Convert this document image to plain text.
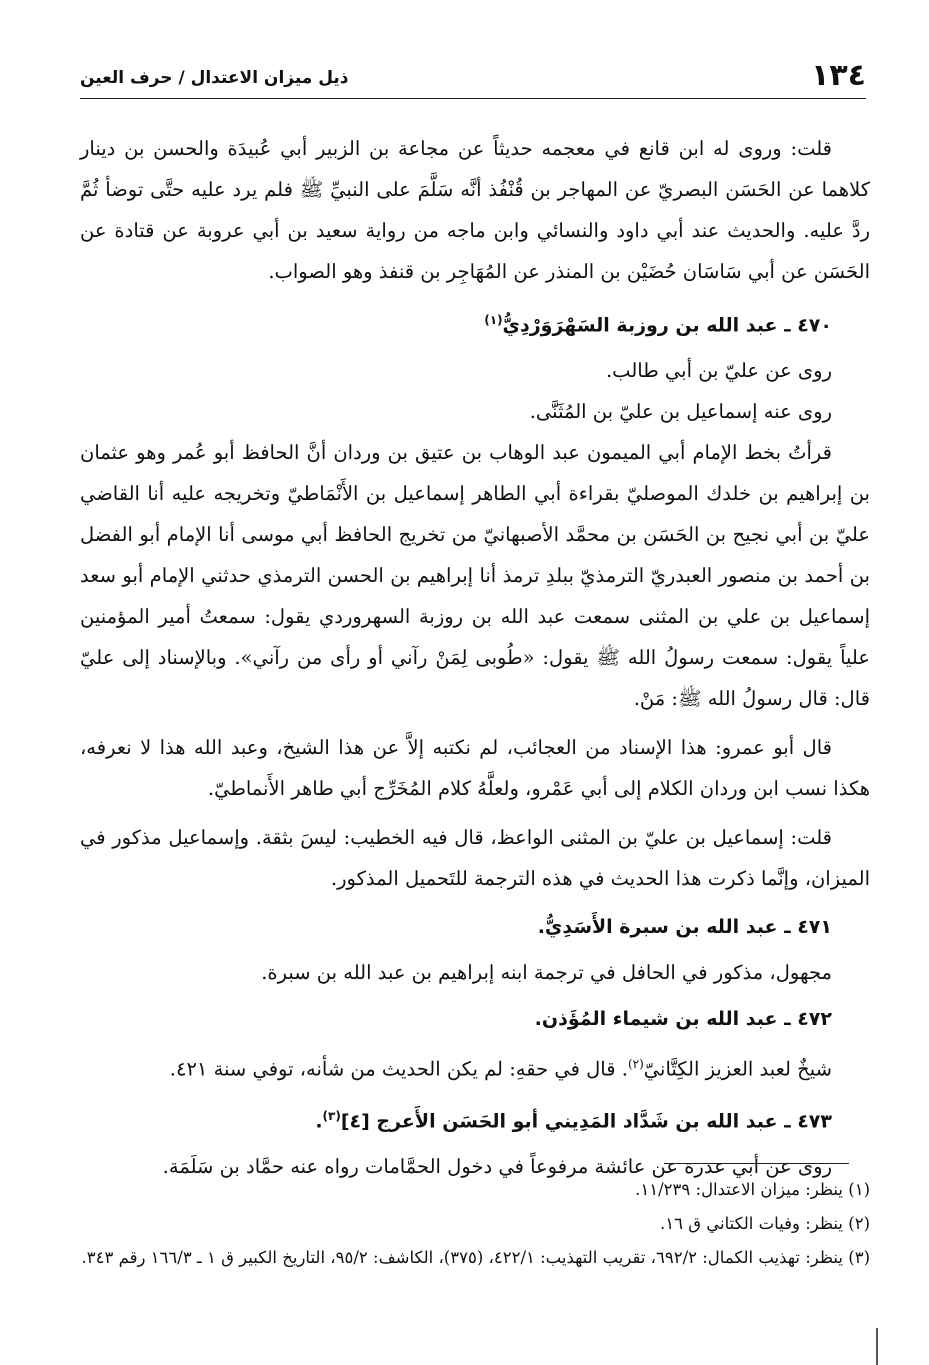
١٣٤
ذيل ميزان الاعتدال / حرف العين

قلت: وروى له ابن قانع في معجمه حديثاً عن مجاعة بن الزبير أبي عُبيدَة والحسن بن دينار كلاهما عن الحَسَن البصريّ عن المهاجر بن قُنْفُذ أنَّه سَلَّمَ على النبيِّ ﷺ فلم يرد عليه حتَّى توضأ ثُمَّ ردَّ عليه. والحديث عند أبي داود والنسائي وابن ماجه من رواية سعيد بن أبي عروبة عن قتادة عن الحَسَن عن أبي سَاسَان حُضَيْن بن المنذر عن المُهَاجِر بن قنفذ وهو الصواب.

٤٧٠ ـ عبد الله بن روزبة السَهْرَوَرْدِيُّ$^{(١)}$

روى عن عليّ بن أبي طالب.

روى عنه إسماعيل بن عليّ بن المُثَنَّى.

قرأتُ بخط الإمام أبي الميمون عبد الوهاب بن عتيق بن وردان أنَّ الحافظ أبو عُمر وهو عثمان بن إبراهيم بن خلدك الموصليّ بقراءة أبي الطاهر إسماعيل بن الأَنْمَاطيّ وتخريجه عليه أنا القاضي عليّ بن أبي نجيح بن الحَسَن بن محمَّد الأصبهانيّ من تخريج الحافظ أبي موسى أنا الإمام أبو الفضل بن أحمد بن منصور العبدريّ الترمذيّ ببلدِ ترمذ أنا إبراهيم بن الحسن الترمذي حدثني الإمام أبو سعد إسماعيل بن علي بن المثنى سمعت عبد الله بن روزبة السهروردي يقول: سمعتُ أمير المؤمنين علياً يقول: سمعت رسولُ الله ﷺ يقول: «طُوبى لِمَنْ رآني أو رأى من رآني». وبالإسناد إلى عليّ قال: قال رسولُ الله ﷺ: مَنْ.

قال أبو عمرو: هذا الإسناد من العجائب، لم نكتبه إلاَّ عن هذا الشيخ، وعبد الله هذا لا نعرفه، هكذا نسب ابن وردان الكلام إلى أبي عَمْرو، ولعلَّهُ كلام المُخَرِّج أبي طاهر الأَنماطيّ.

قلت: إسماعيل بن عليّ بن المثنى الواعظ، قال فيه الخطيب: ليسَ بثقة. وإسماعيل مذكور في الميزان، وإنَّما ذكرت هذا الحديث في هذه الترجمة للتَحميل المذكور.

٤٧١ ـ عبد الله بن سبرة الأَسَدِيُّ.

مجهول، مذكور في الحافل في ترجمة ابنه إبراهيم بن عبد الله بن سبرة.

٤٧٢ ـ عبد الله بن شيماء المُؤَذن.

شيخٌ لعبد العزيز الكِتَّانيّ$^{(٢)}$. قال في حقهِ: لم يكن الحديث من شأنه، توفي سنة ٤٢١.

٤٧٣ ـ عبد الله بن شَدَّاد المَدِيني أبو الحَسَن الأَعرج [٤]$^{(٣)}$.

روى عن أبي عدرة عن عائشة مرفوعاً في دخول الحمَّامات رواه عنه حمَّاد بن سَلَمَة.

(١) ينظر: ميزان الاعتدال: ١١/٢٣٩.

(٢) ينظر: وفيات الكتاني ق ١٦.

(٣) ينظر: تهذيب الكمال: ٦٩٢/٢، تقريب التهذيب: ٤٢٢/١، (٣٧٥)، الكاشف: ٩٥/٢، التاريخ الكبير ق ١ ـ ١٦٦/٣ رقم ٣٤٣.
